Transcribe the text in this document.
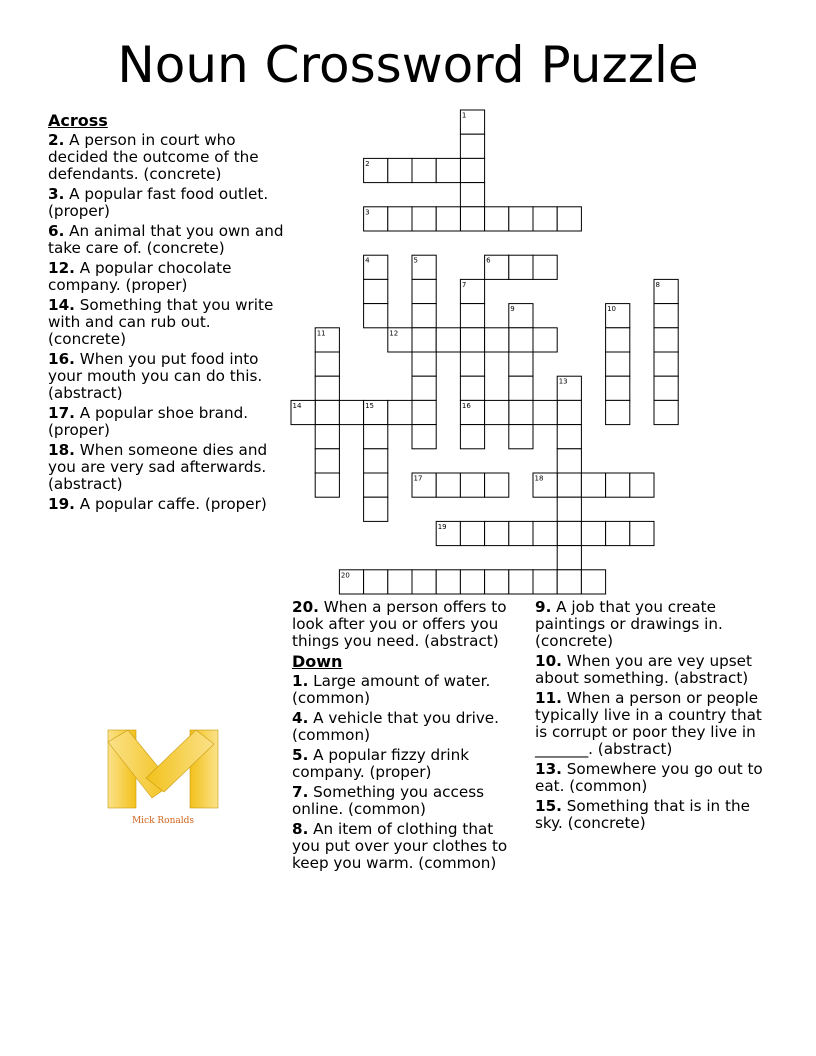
Noun Crossword Puzzle
1
2
3
4	5	6
7	8
9	10
11	12
13
14	15	16
17	18
19
20
Across
2. A person in court who decided the outcome of the defendants. (concrete)
3. A popular fast food outlet. (proper)
6. An animal that you own and take care of. (concrete)
12. A popular chocolate company. (proper)
14. Something that you write with and can rub out. (concrete)
16. When you put food into your mouth you can do this. (abstract)
17. A popular shoe brand. (proper)
18. When someone dies and you are very sad afterwards. (abstract)
19. A popular caffe. (proper)
20. When a person offers to look after you or offers you things you need. (abstract)
Down
1. Large amount of water. (common)
4. A vehicle that you drive. (common)
5. A popular fizzy drink company. (proper)
7. Something you access online. (common)
8. An item of clothing that you put over your clothes to keep you warm. (common)
9. A job that you create paintings or drawings in. (concrete)
10. When you are vey upset about something. (abstract)
11. When a person or people typically live in a country that is corrupt or poor they live in _______. (abstract)
13. Somewhere you go out to eat. (common)
15. Something that is in the sky. (concrete)
Mick Ronalds
